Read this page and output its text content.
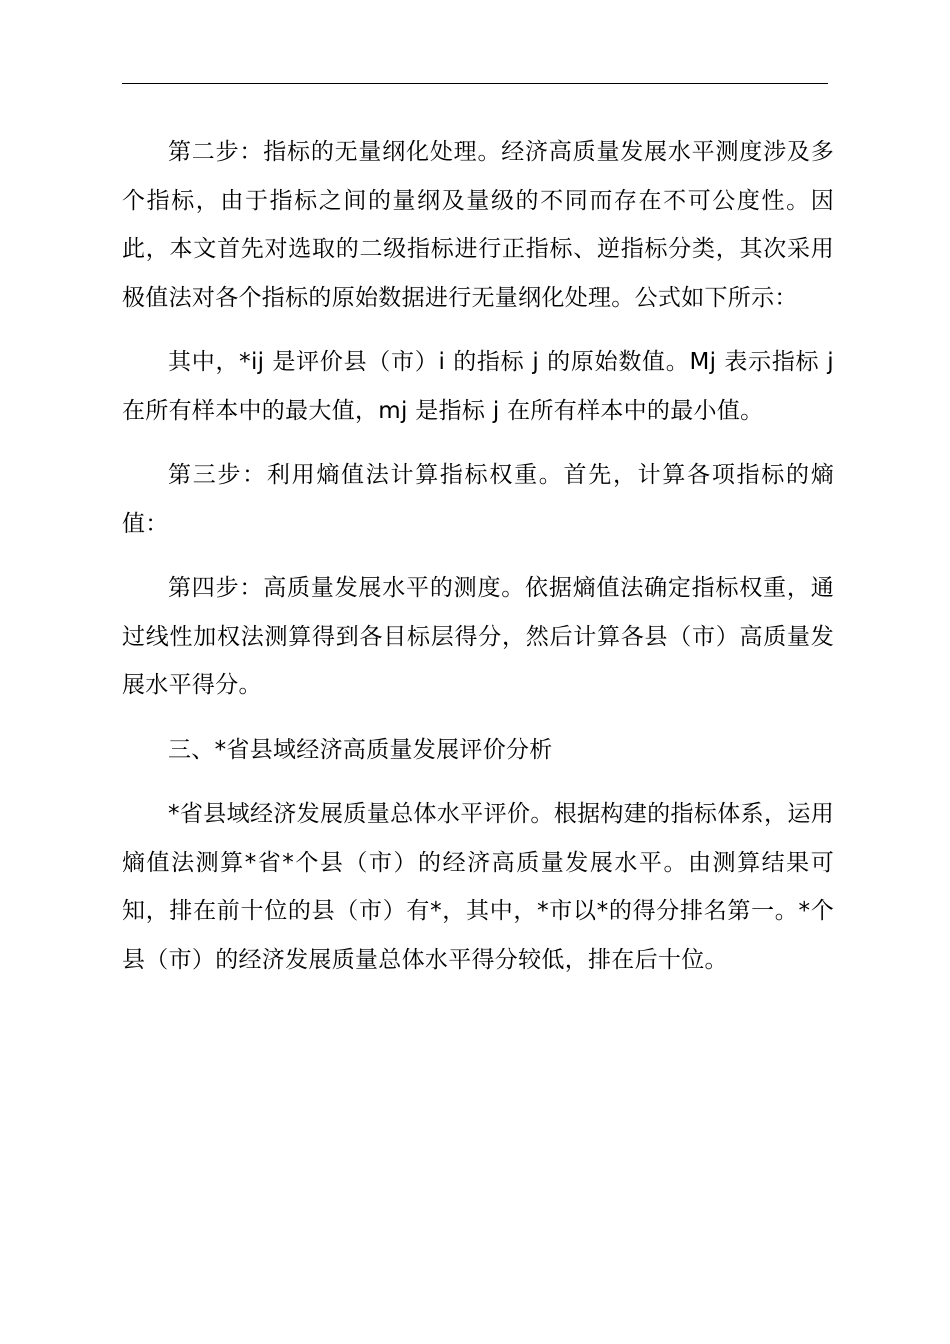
第二步：指标的无量纲化处理。经济高质量发展水平测度涉及多个指标，由于指标之间的量纲及量级的不同而存在不可公度性。因此，本文首先对选取的二级指标进行正指标、逆指标分类，其次采用极值法对各个指标的原始数据进行无量纲化处理。公式如下所示：

其中，*ij 是评价县（市）i 的指标 j 的原始数值。Mj 表示指标 j 在所有样本中的最大值，mj 是指标 j 在所有样本中的最小值。

第三步：利用熵值法计算指标权重。首先，计算各项指标的熵值：

第四步：高质量发展水平的测度。依据熵值法确定指标权重，通过线性加权法测算得到各目标层得分，然后计算各县（市）高质量发展水平得分。

三、*省县域经济高质量发展评价分析

*省县域经济发展质量总体水平评价。根据构建的指标体系，运用熵值法测算*省*个县（市）的经济高质量发展水平。由测算结果可知，排在前十位的县（市）有*，其中，*市以*的得分排名第一。*个县（市）的经济发展质量总体水平得分较低，排在后十位。
